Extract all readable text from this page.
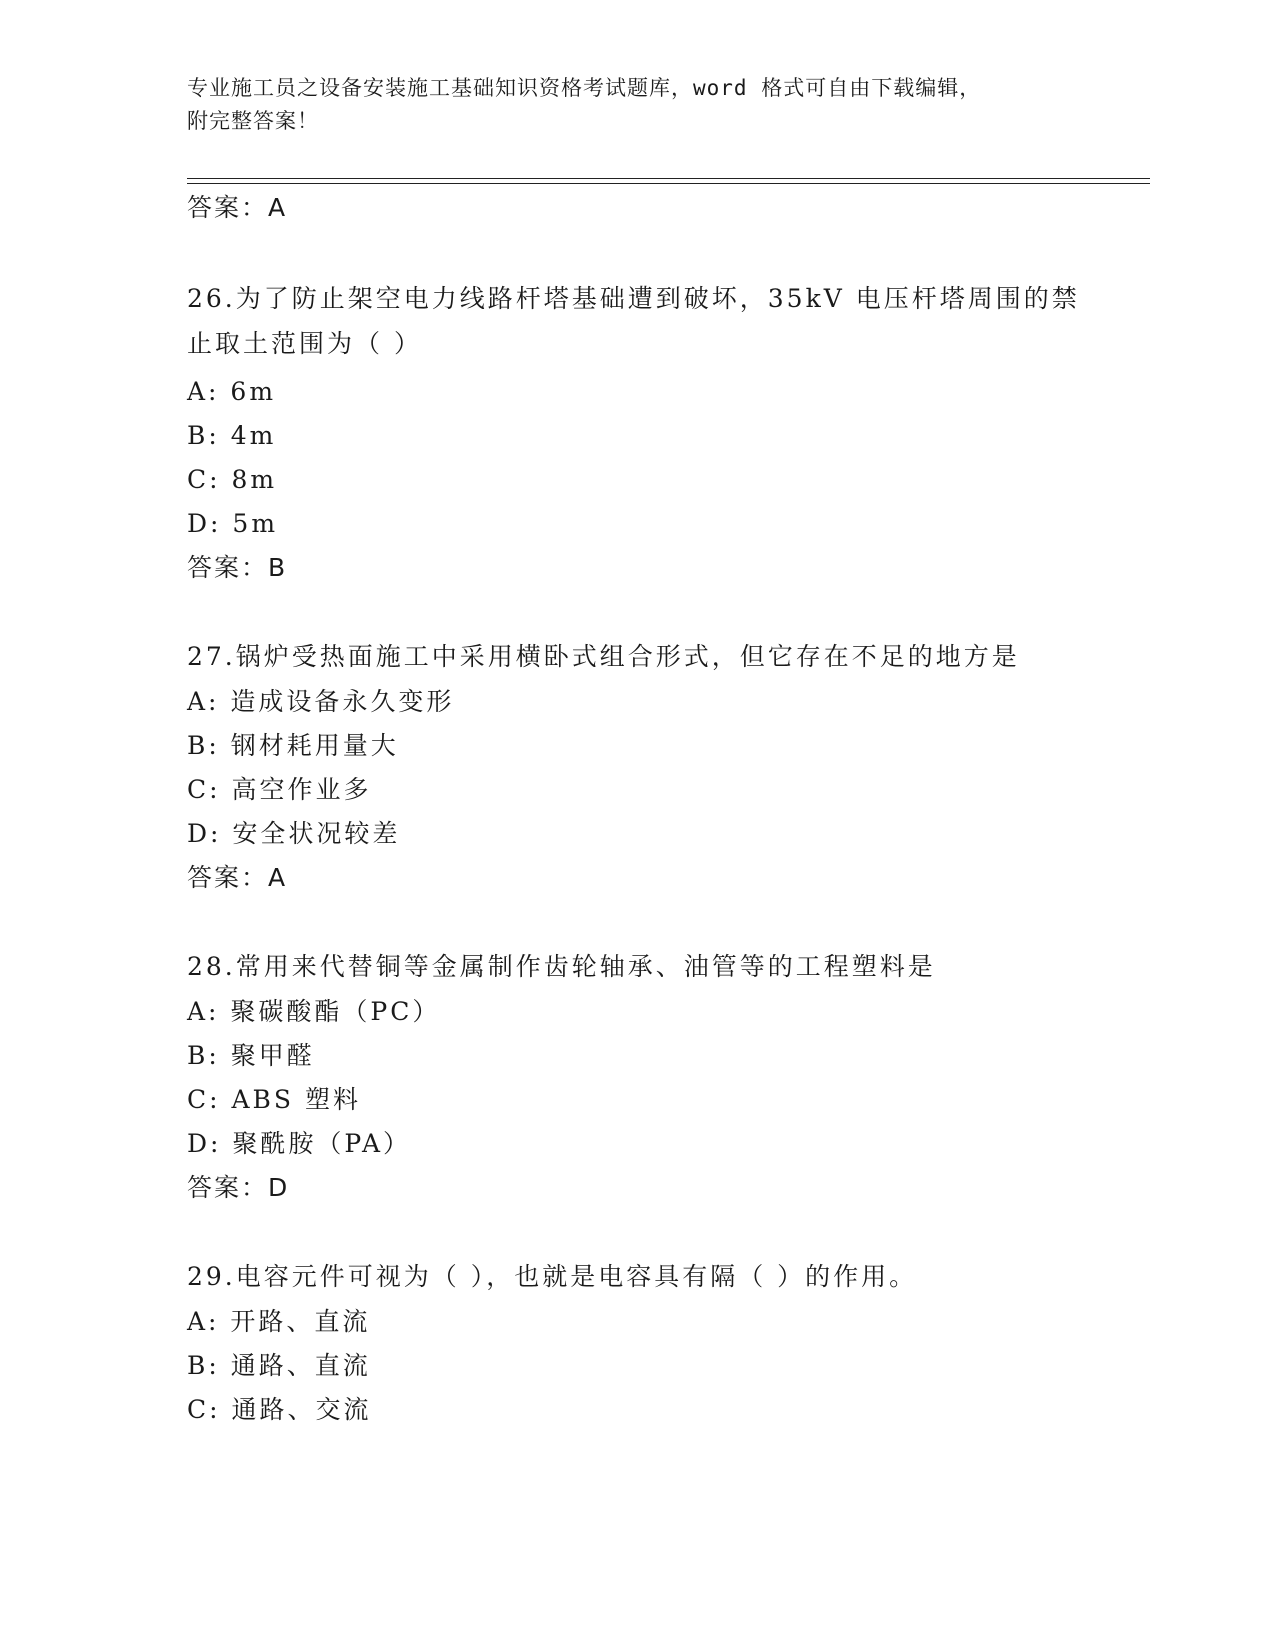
专业施工员之设备安装施工基础知识资格考试题库，word 格式可自由下载编辑，
附完整答案！
答案：A
26.为了防止架空电力线路杆塔基础遭到破坏，35kV 电压杆塔周围的禁
止取土范围为（ ）
A: 6m
B: 4m
C: 8m
D: 5m
答案：B
27.锅炉受热面施工中采用横卧式组合形式，但它存在不足的地方是
A: 造成设备永久变形
B: 钢材耗用量大
C: 高空作业多
D: 安全状况较差
答案：A
28.常用来代替铜等金属制作齿轮轴承、油管等的工程塑料是
A: 聚碳酸酯（PC）
B: 聚甲醛
C: ABS 塑料
D: 聚酰胺（PA）
答案：D
29.电容元件可视为（ ），也就是电容具有隔（ ）的作用。
A: 开路、直流
B: 通路、直流
C: 通路、交流
